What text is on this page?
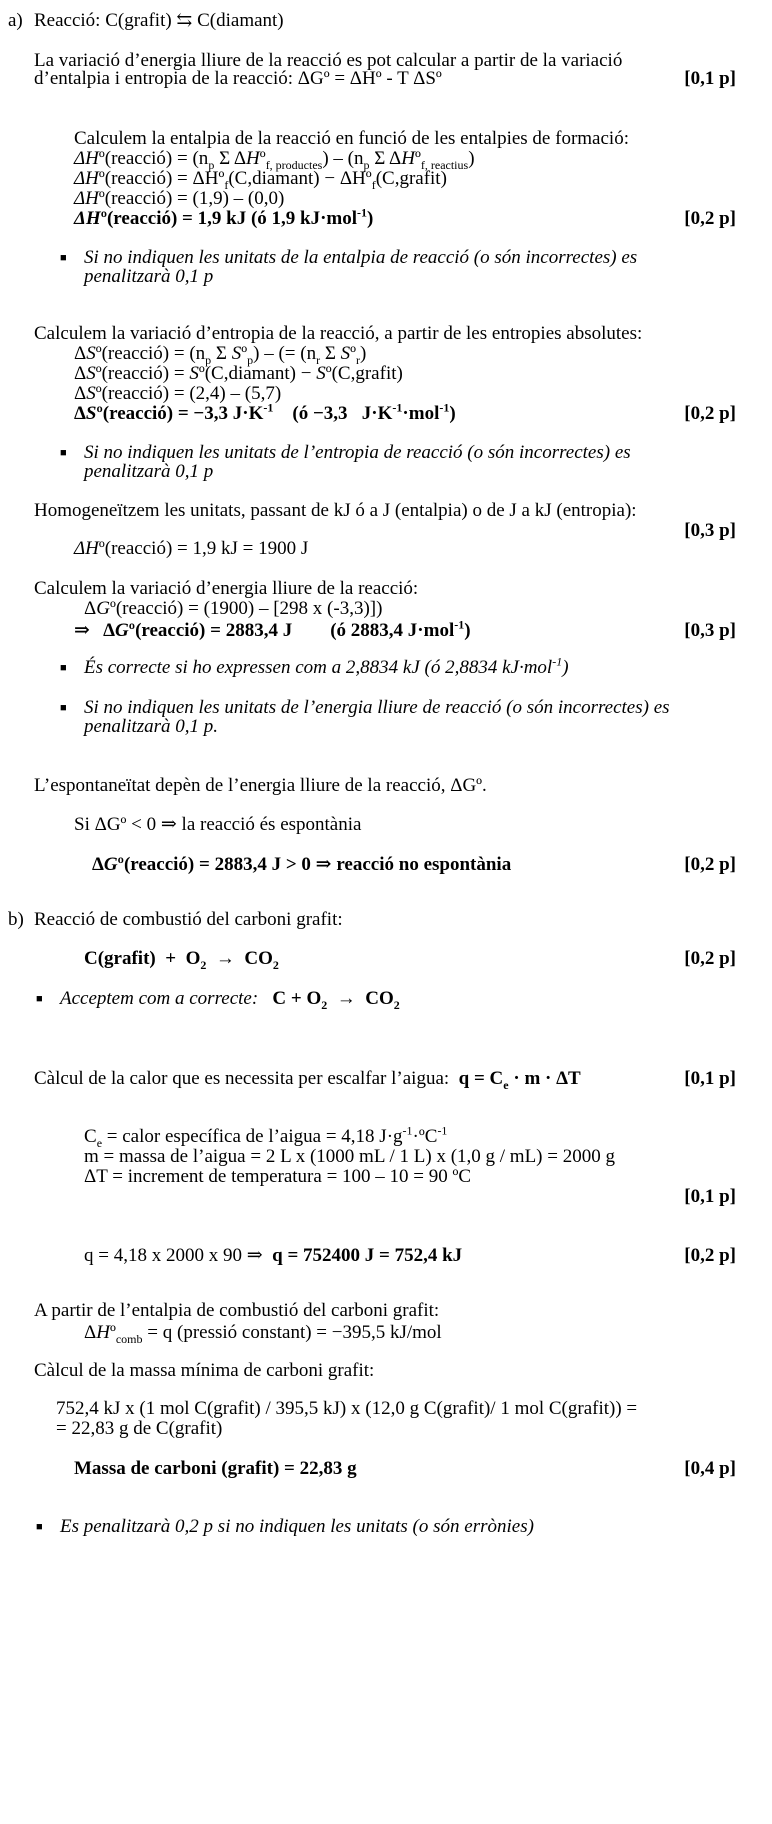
a) Reacció: C(grafit) ⇆ C(diamant)
La variació d’energia lliure de la reacció es pot calcular a partir de la variació
d’entalpia i entropia de la reacció: ΔGº = ΔHº - T ΔSº	[0,1 p]
Calculem la entalpia de la reacció en funció de les entalpies de formació:
ΔHº(reacció) = ($n_p$ Σ ΔHº$_{f, productes}$) – ($n_p$ Σ ΔHº$_{f, reactius}$)
ΔHº(reacció) = ΔHº$_f$(C,diamant) − ΔHº$_f$(C,grafit)
ΔHº(reacció) = (1,9) – (0,0)
ΔHº(reacció) = 1,9 kJ (ó 1,9 kJ·mol$^{-1}$)	[0,2 p]
■ Si no indiquen les unitats de la entalpia de reacció (o són incorrectes) es
penalitzarà 0,1 p
Calculem la variació d’entropia de la reacció, a partir de les entropies absolutes:
ΔSº(reacció) = ($n_p$ Σ Sº$_p$) – (= ($n_r$ Σ Sº$_r$)
ΔSº(reacció) = Sº(C,diamant) − Sº(C,grafit)
ΔSº(reacció) = (2,4) – (5,7)
ΔSº(reacció) = −3,3 $J\cdot K^{-1}$    (ó −3,3   $J\cdot K^{-1}\cdot mol^{-1}$)	[0,2 p]
■ Si no indiquen les unitats de l’entropia de reacció (o són incorrectes) es
penalitzarà 0,1 p
Homogeneïtzem les unitats, passant de kJ ó a J (entalpia) o de J a kJ (entropia):
[0,3 p]
ΔHº(reacció) = 1,9 kJ = 1900 J
Calculem la variació d’energia lliure de la reacció:
ΔGº(reacció) = (1900) – [298 x (-3,3)])
⇒   ΔGº(reacció) = 2883,4 J (ó 2883,4 J·mol$^{-1}$)	[0,3 p]
■ És correcte si ho expressen com a 2,8834 kJ (ó 2,8834 kJ·mol$^{-1}$)
■ Si no indiquen les unitats de l’energia lliure de reacció (o són incorrectes) es
penalitzarà 0,1 p.
L’espontaneïtat depèn de l’energia lliure de la reacció, ΔGº.
Si ΔGº < 0 ⇒ la reacció és espontània
ΔGº(reacció) = 2883,4 J > 0 ⇒ reacció no espontània	[0,2 p]
b) Reacció de combustió del carboni grafit:
C(grafit)  +  $O_2 \to CO_2$	[0,2 p]
■ Acceptem com a correcte: $C + O_2 \to CO_2$
Càlcul de la calor que es necessita per escalfar l’aigua: $q = C_e \cdot m \cdot \Delta T$	[0,1 p]
$C_e$ = calor específica de l’aigua = 4,18 $J\cdot g^{-1}\cdot ºC^{-1}$
m = massa de l’aigua = 2 L x (1000 mL / 1 L) x (1,0 g / mL) = 2000 g
ΔT = increment de temperatura = 100 – 10 = 90 ºC
[0,1 p]
q = 4,18 x 2000 x 90 ⇒ q = 752400 J = 752,4 kJ	[0,2 p]
A partir de l’entalpia de combustió del carboni grafit:
ΔHº$_{comb}$ = q (pressió constant) = −395,5 kJ/mol
Càlcul de la massa mínima de carboni grafit:
752,4 kJ x (1 mol C(grafit) / 395,5 kJ) x (12,0 g C(grafit)/ 1 mol C(grafit)) =
= 22,83 g de C(grafit)
Massa de carboni (grafit) = 22,83 g	[0,4 p]
■ Es penalitzarà 0,2 p si no indiquen les unitats (o són errònies)
